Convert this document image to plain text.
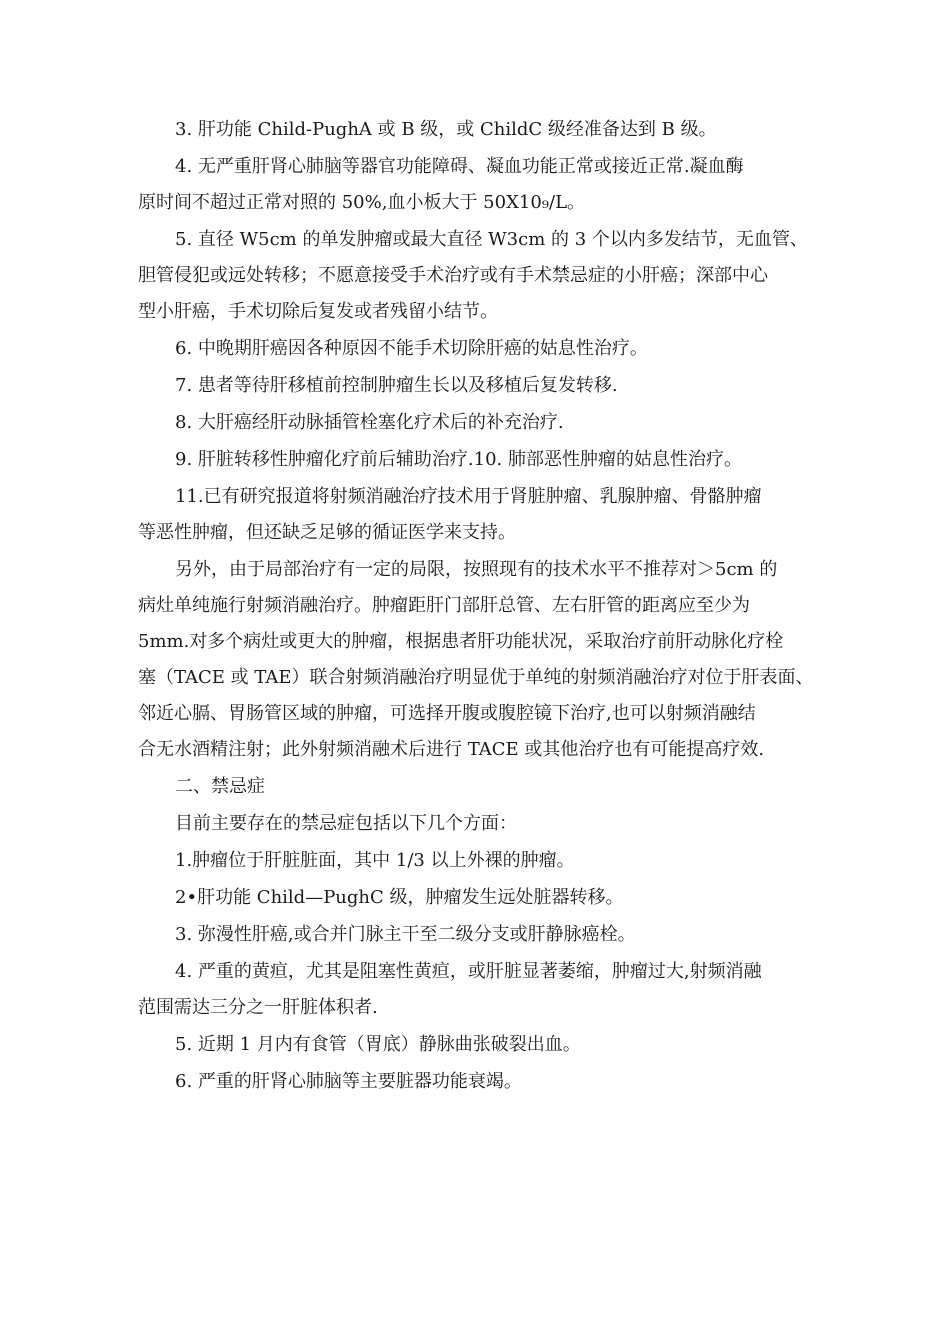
3. 肝功能 Child-PughA 或 B 级，或 ChildC 级经准备达到 B 级。

4. 无严重肝肾心肺脑等器官功能障碍、凝血功能正常或接近正常.凝血酶
原时间不超过正常对照的 50%,血小板大于 50X10₉/L。

5. 直径 W5cm 的单发肿瘤或最大直径 W3cm 的 3 个以内多发结节，无血管、
胆管侵犯或远处转移；不愿意接受手术治疗或有手术禁忌症的小肝癌；深部中心
型小肝癌，手术切除后复发或者残留小结节。

6. 中晚期肝癌因各种原因不能手术切除肝癌的姑息性治疗。

7. 患者等待肝移植前控制肿瘤生长以及移植后复发转移.

8. 大肝癌经肝动脉插管栓塞化疗术后的补充治疗.

9. 肝脏转移性肿瘤化疗前后辅助治疗.10. 肺部恶性肿瘤的姑息性治疗。

11.已有研究报道将射频消融治疗技术用于肾脏肿瘤、乳腺肿瘤、骨骼肿瘤
等恶性肿瘤，但还缺乏足够的循证医学来支持。

另外，由于局部治疗有一定的局限，按照现有的技术水平不推荐对＞5cm 的
病灶单纯施行射频消融治疗。肿瘤距肝门部肝总管、左右肝管的距离应至少为
5mm.对多个病灶或更大的肿瘤，根据患者肝功能状况，采取治疗前肝动脉化疗栓
塞（TACE 或 TAE）联合射频消融治疗明显优于单纯的射频消融治疗对位于肝表面、
邻近心膈、胃肠管区域的肿瘤，可选择开腹或腹腔镜下治疗,也可以射频消融结
合无水酒精注射；此外射频消融术后进行 TACE 或其他治疗也有可能提高疗效.

二、禁忌症

目前主要存在的禁忌症包括以下几个方面：

1.肿瘤位于肝脏脏面，其中 1/3 以上外裸的肿瘤。

2•肝功能 Child—PughC 级，肿瘤发生远处脏器转移。

3. 弥漫性肝癌,或合并门脉主干至二级分支或肝静脉癌栓。

4. 严重的黄疸，尤其是阻塞性黄疸，或肝脏显著萎缩，肿瘤过大,射频消融
范围需达三分之一肝脏体积者.

5. 近期 1 月内有食管（胃底）静脉曲张破裂出血。

6. 严重的肝肾心肺脑等主要脏器功能衰竭。
